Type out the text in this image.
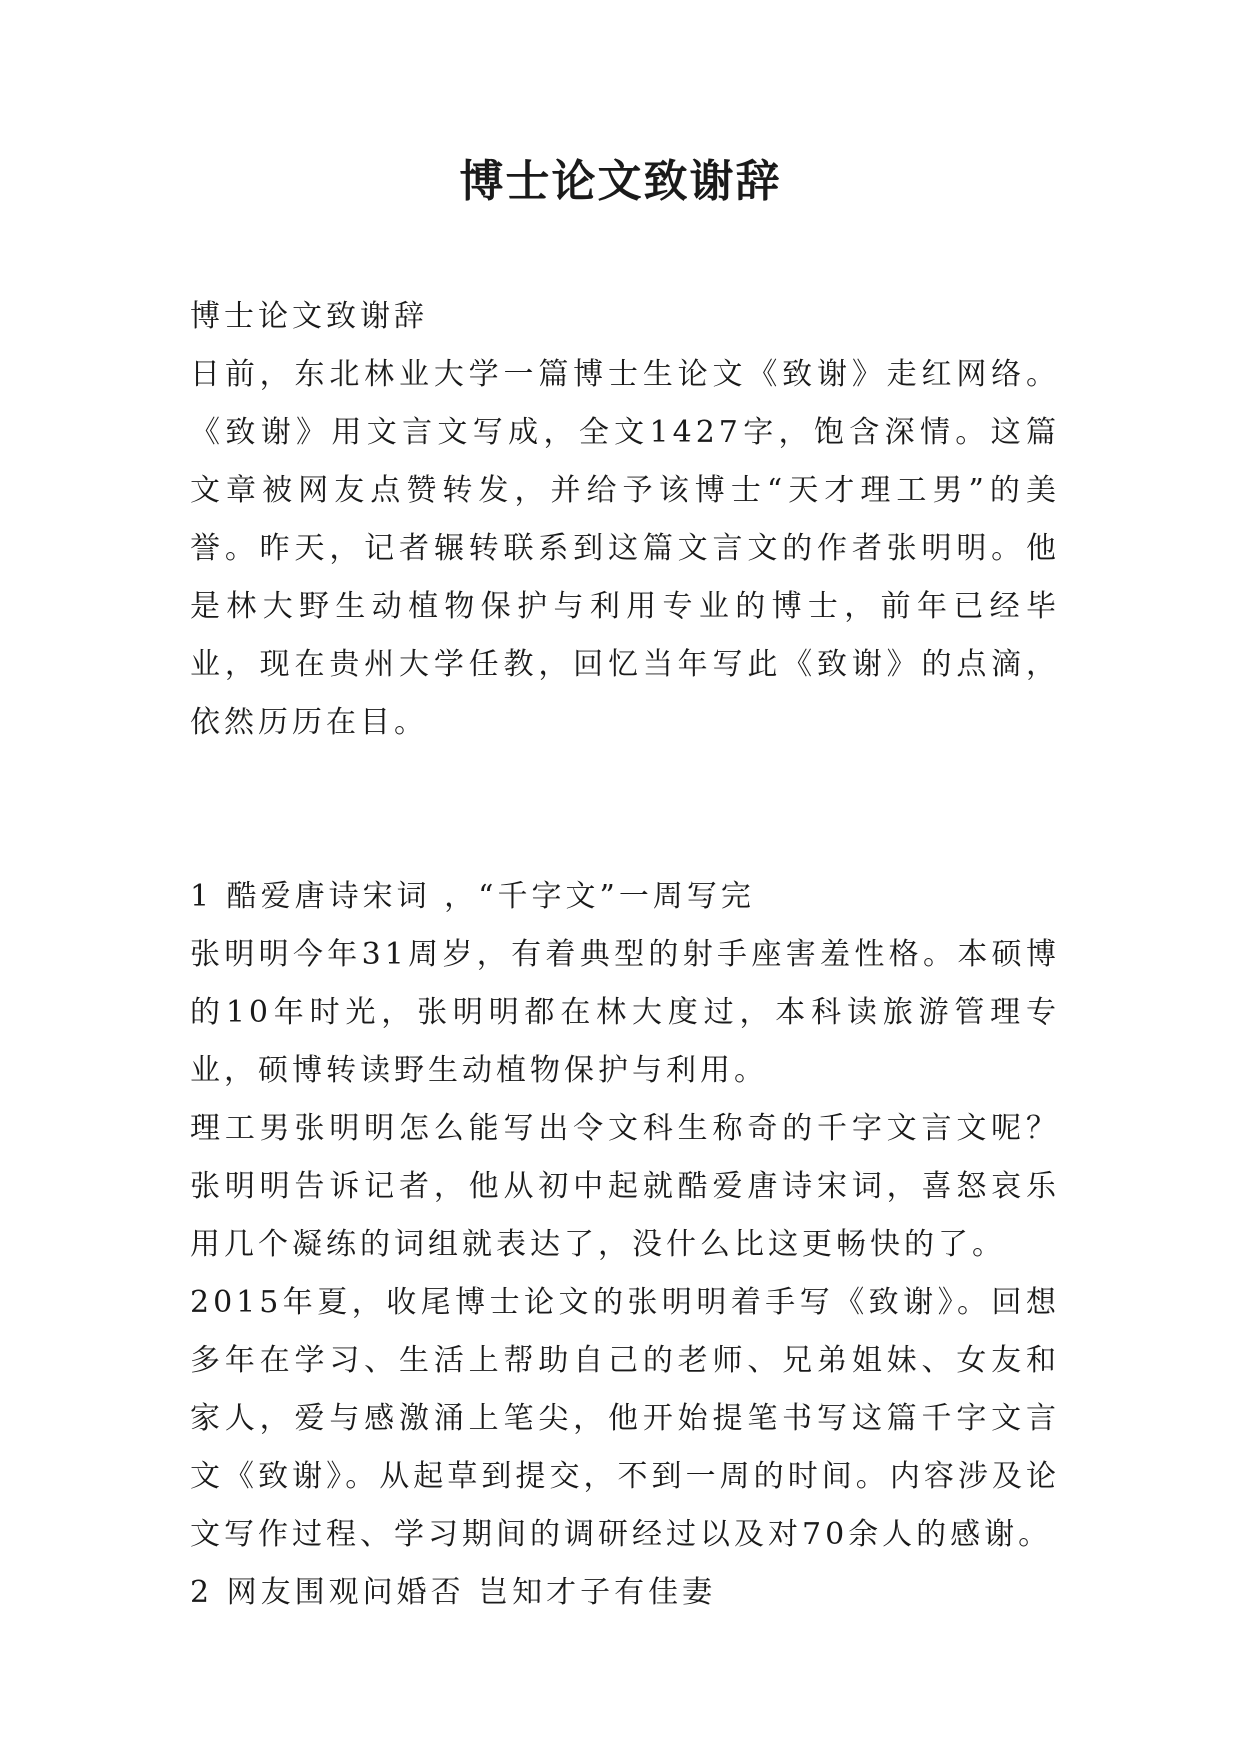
博士论文致谢辞

博士论文致谢辞

日前，东北林业大学一篇博士生论文《致谢》走红网络。《致谢》用文言文写成，全文1427字，饱含深情。这篇文章被网友点赞转发，并给予该博士“天才理工男”的美誉。昨天，记者辗转联系到这篇文言文的作者张明明。他是林大野生动植物保护与利用专业的博士，前年已经毕业，现在贵州大学任教，回忆当年写此《致谢》的点滴，依然历历在目。

1 酷爱唐诗宋词 ，“千字文”一周写完

张明明今年31周岁，有着典型的射手座害羞性格。本硕博的10年时光，张明明都在林大度过，本科读旅游管理专业，硕博转读野生动植物保护与利用。

理工男张明明怎么能写出令文科生称奇的千字文言文呢？张明明告诉记者，他从初中起就酷爱唐诗宋词，喜怒哀乐用几个凝练的词组就表达了，没什么比这更畅快的了。

2015年夏，收尾博士论文的张明明着手写《致谢》。回想多年在学习、生活上帮助自己的老师、兄弟姐妹、女友和家人，爱与感激涌上笔尖，他开始提笔书写这篇千字文言文《致谢》。从起草到提交，不到一周的时间。内容涉及论文写作过程、学习期间的调研经过以及对70余人的感谢。

2 网友围观问婚否 岂知才子有佳妻
